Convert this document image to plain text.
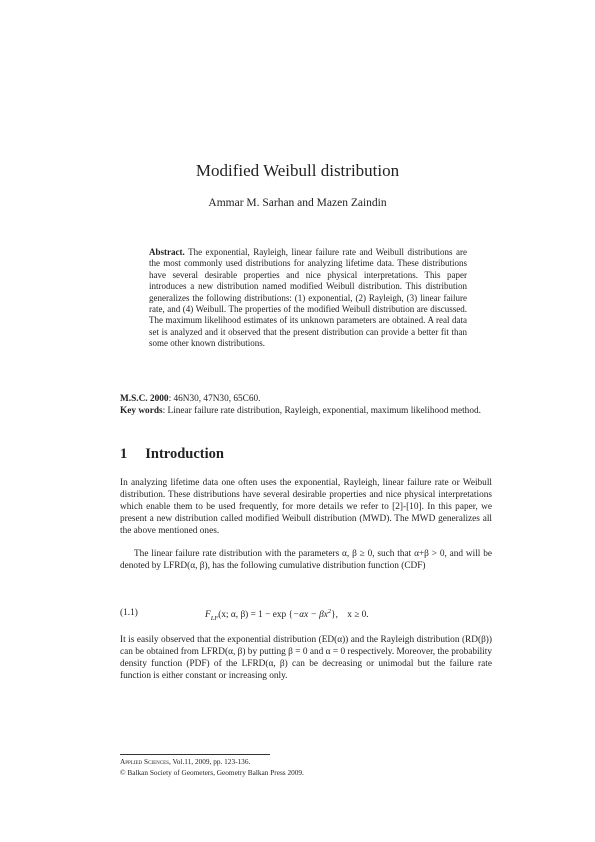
Modified Weibull distribution
Ammar M. Sarhan and Mazen Zaindin
Abstract. The exponential, Rayleigh, linear failure rate and Weibull distributions are the most commonly used distributions for analyzing lifetime data. These distributions have several desirable properties and nice physical interpretations. This paper introduces a new distribution named modified Weibull distribution. This distribution generalizes the following distributions: (1) exponential, (2) Rayleigh, (3) linear failure rate, and (4) Weibull. The properties of the modified Weibull distribution are discussed. The maximum likelihood estimates of its unknown parameters are obtained. A real data set is analyzed and it observed that the present distribution can provide a better fit than some other known distributions.
M.S.C. 2000: 46N30, 47N30, 65C60.
Key words: Linear failure rate distribution, Rayleigh, exponential, maximum likelihood method.
1 Introduction
In analyzing lifetime data one often uses the exponential, Rayleigh, linear failure rate or Weibull distribution. These distributions have several desirable properties and nice physical interpretations which enable them to be used frequently, for more details we refer to [2]-[10]. In this paper, we present a new distribution called modified Weibull distribution (MWD). The MWD generalizes all the above mentioned ones.
The linear failure rate distribution with the parameters α, β ≥ 0, such that α+β > 0, and will be denoted by LFRD(α, β), has the following cumulative distribution function (CDF)
(1.1)	$F_{LF}(x$; α, $\beta) = 1 - \exp \{-\alpha x - \beta x^2\}$,    x ≥ 0.
It is easily observed that the exponential distribution (ED(α)) and the Rayleigh distribution (RD(β)) can be obtained from LFRD(α, β) by putting β = 0 and α = 0 respectively. Moreover, the probability density function (PDF) of the LFRD(α, β) can be decreasing or unimodal but the failure rate function is either constant or increasing only.
Applied Sciences, Vol.11, 2009, pp. 123-136.
© Balkan Society of Geometers, Geometry Balkan Press 2009.
